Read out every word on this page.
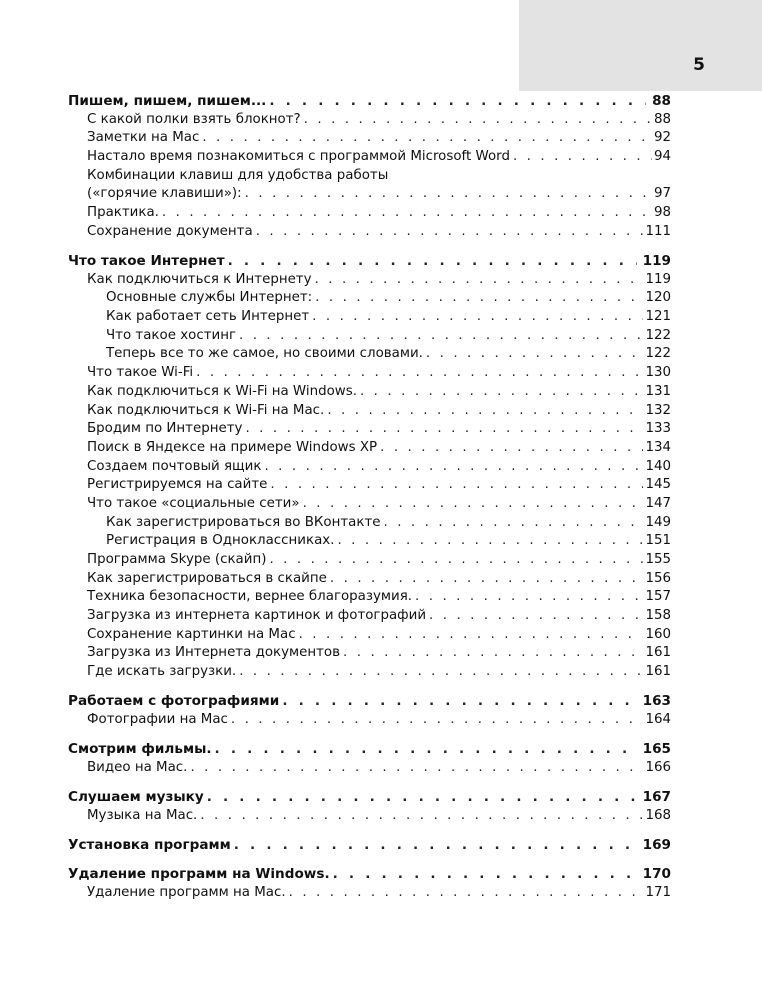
5
Пишем, пишем, пишем... . . .	88
С какой полки взять блокнот? . . .	88
Заметки на Mac . . .	92
Настало время познакомиться с программой Microsoft Word . . .	94
Комбинации клавиш для удобства работы
(«горячие клавиши»): . . .	97
Практика. . . .	98
Сохранение документа . . .	111
Что такое Интернет . . .	119
Как подключиться к Интернету . . .	119
Основные службы Интернет: . . .	120
Как работает сеть Интернет . . .	121
Что такое хостинг . . .	122
Теперь все то же самое, но своими словами. . . .	122
Что такое Wi-Fi . . .	130
Как подключиться к Wi-Fi на Windows. . . .	131
Как подключиться к Wi-Fi на Mac. . . .	132
Бродим по Интернету . . .	133
Поиск в Яндексе на примере Windows XP . . .	134
Создаем почтовый ящик . . .	140
Регистрируемся на сайте . . .	145
Что такое «социальные сети» . . .	147
Как зарегистрироваться во ВКонтакте . . .	149
Регистрация в Одноклассниках. . . .	151
Программа Skype (скайп) . . .	155
Как зарегистрироваться в скайпе . . .	156
Техника безопасности, вернее благоразумия. . . .	157
Загрузка из интернета картинок и фотографий . . .	158
Сохранение картинки на Mac . . .	160
Загрузка из Интернета документов . . .	161
Где искать загрузки. . . .	161
Работаем с фотографиями . . .	163
Фотографии на Mac . . .	164
Смотрим фильмы. . . .	165
Видео на Mac. . . .	166
Слушаем музыку . . .	167
Музыка на Mac. . . .	168
Установка программ . . .	169
Удаление программ на Windows. . . .	170
Удаление программ на Mac. . . .	171
